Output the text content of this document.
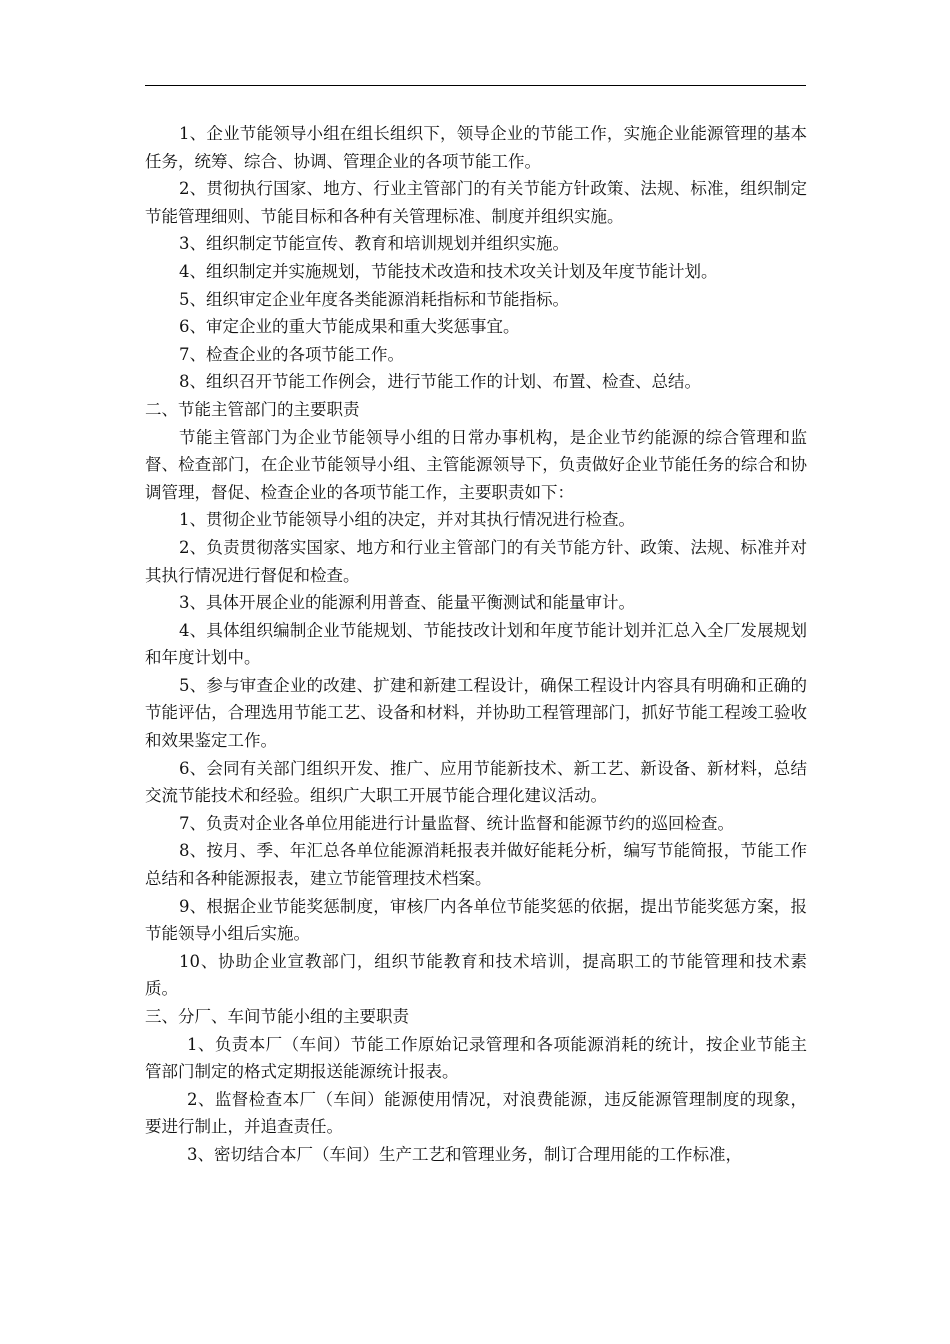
1、企业节能领导小组在组长组织下，领导企业的节能工作，实施企业能源管理的基本任务，统筹、综合、协调、管理企业的各项节能工作。

2、贯彻执行国家、地方、行业主管部门的有关节能方针政策、法规、标准，组织制定节能管理细则、节能目标和各种有关管理标准、制度并组织实施。

3、组织制定节能宣传、教育和培训规划并组织实施。

4、组织制定并实施规划，节能技术改造和技术攻关计划及年度节能计划。

5、组织审定企业年度各类能源消耗指标和节能指标。

6、审定企业的重大节能成果和重大奖惩事宜。

7、检查企业的各项节能工作。

8、组织召开节能工作例会，进行节能工作的计划、布置、检查、总结。

二、节能主管部门的主要职责

节能主管部门为企业节能领导小组的日常办事机构，是企业节约能源的综合管理和监督、检查部门，在企业节能领导小组、主管能源领导下，负责做好企业节能任务的综合和协调管理，督促、检查企业的各项节能工作，主要职责如下：

1、贯彻企业节能领导小组的决定，并对其执行情况进行检查。

2、负责贯彻落实国家、地方和行业主管部门的有关节能方针、政策、法规、标准并对其执行情况进行督促和检查。

3、具体开展企业的能源利用普查、能量平衡测试和能量审计。

4、具体组织编制企业节能规划、节能技改计划和年度节能计划并汇总入全厂发展规划和年度计划中。

5、参与审查企业的改建、扩建和新建工程设计，确保工程设计内容具有明确和正确的节能评估，合理选用节能工艺、设备和材料，并协助工程管理部门，抓好节能工程竣工验收和效果鉴定工作。

6、会同有关部门组织开发、推广、应用节能新技术、新工艺、新设备、新材料，总结交流节能技术和经验。组织广大职工开展节能合理化建议活动。

7、负责对企业各单位用能进行计量监督、统计监督和能源节约的巡回检查。

8、按月、季、年汇总各单位能源消耗报表并做好能耗分析，编写节能简报，节能工作总结和各种能源报表，建立节能管理技术档案。

9、根据企业节能奖惩制度，审核厂内各单位节能奖惩的依据，提出节能奖惩方案，报节能领导小组后实施。

10、协助企业宣教部门，组织节能教育和技术培训，提高职工的节能管理和技术素质。

三、分厂、车间节能小组的主要职责

1、负责本厂（车间）节能工作原始记录管理和各项能源消耗的统计，按企业节能主管部门制定的格式定期报送能源统计报表。

2、监督检查本厂（车间）能源使用情况，对浪费能源，违反能源管理制度的现象，要进行制止，并追查责任。

3、密切结合本厂（车间）生产工艺和管理业务，制订合理用能的工作标准，
